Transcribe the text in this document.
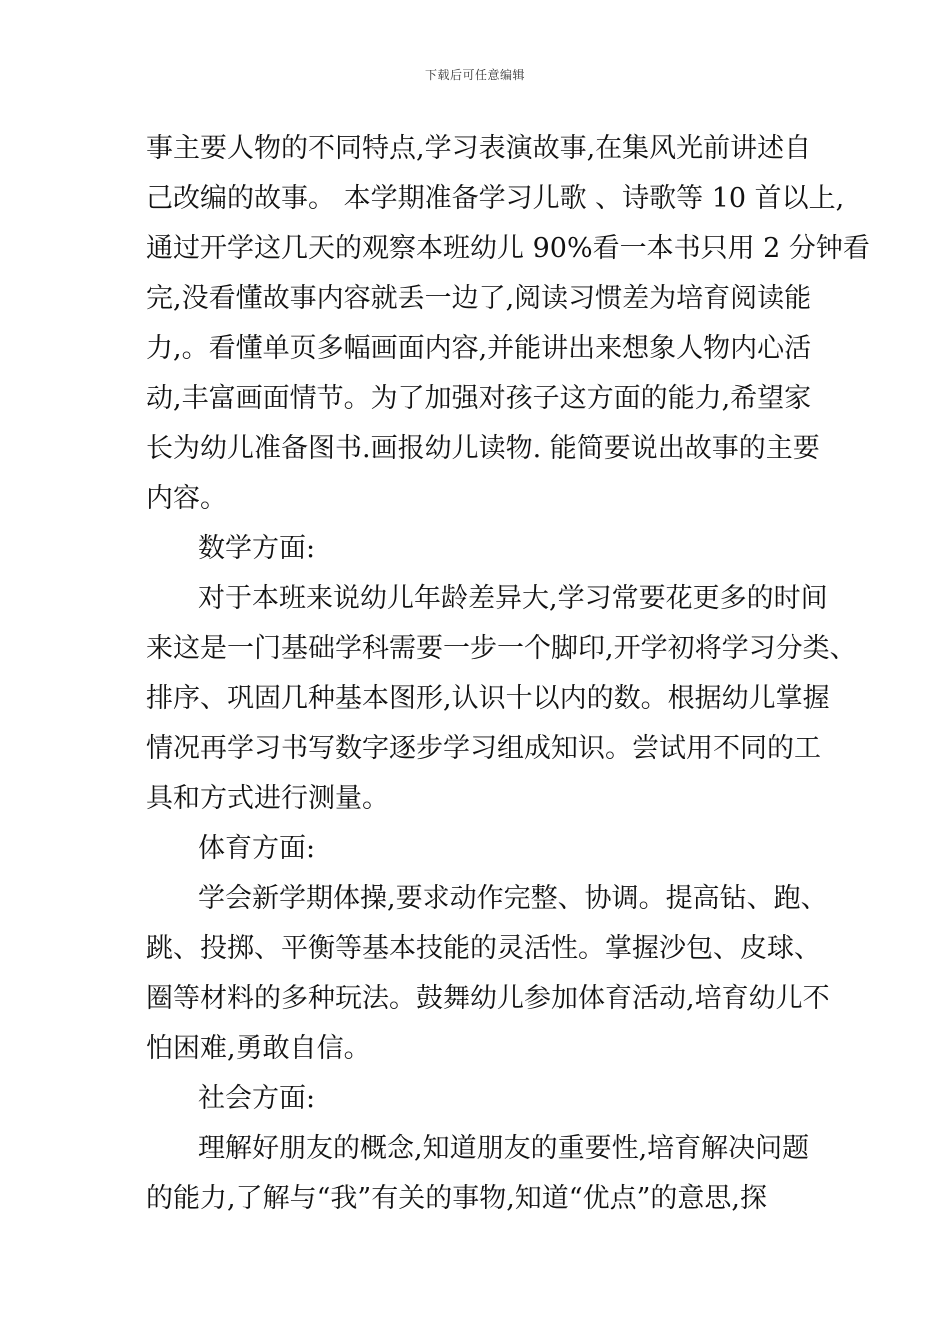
下载后可任意编辑
事主要人物的不同特点,学习表演故事,在集风光前讲述自
己改编的故事。 本学期准备学习儿歌 、诗歌等 10 首以上,
通过开学这几天的观察本班幼儿 90%看一本书只用 2 分钟看
完,没看懂故事内容就丢一边了,阅读习惯差为培育阅读能
力,。看懂单页多幅画面内容,并能讲出来想象人物内心活
动,丰富画面情节。为了加强对孩子这方面的能力,希望家
长为幼儿准备图书.画报幼儿读物. 能简要说出故事的主要
内容。
数学方面:
对于本班来说幼儿年龄差异大,学习常要花更多的时间
来这是一门基础学科需要一步一个脚印,开学初将学习分类、
排序、巩固几种基本图形,认识十以内的数。根据幼儿掌握
情况再学习书写数字逐步学习组成知识。尝试用不同的工
具和方式进行测量。
体育方面:
学会新学期体操,要求动作完整、协调。提高钻、跑、
跳、投掷、平衡等基本技能的灵活性。掌握沙包、皮球、
圈等材料的多种玩法。鼓舞幼儿参加体育活动,培育幼儿不
怕困难,勇敢自信。
社会方面:
理解好朋友的概念,知道朋友的重要性,培育解决问题
的能力,了解与“我”有关的事物,知道“优点”的意思,探
